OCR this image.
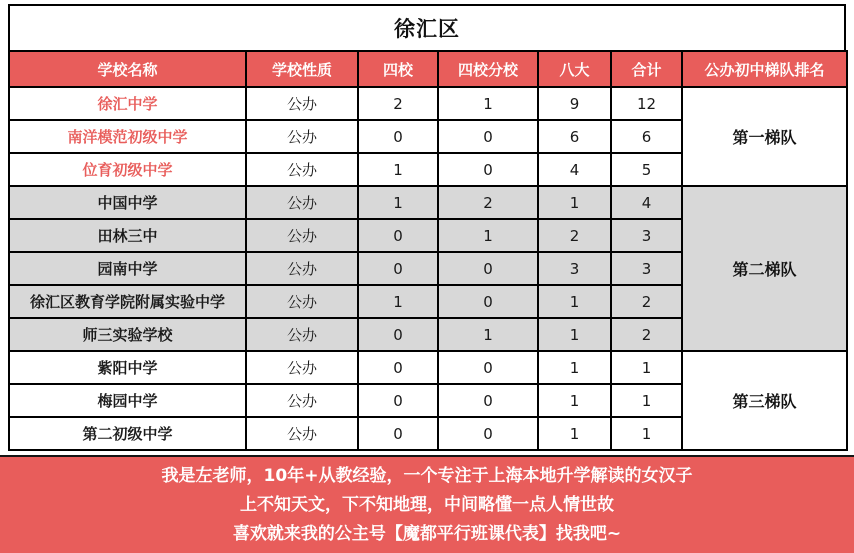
徐汇区
学校名称	学校性质	四校	四校分校	八大	合计	公办初中梯队排名
徐汇中学	公办	2	1	9	12	第一梯队
南洋模范初级中学	公办	0	0	6	6	
位育初级中学	公办	1	0	4	5	
中国中学	公办	1	2	1	4	第二梯队
田林三中	公办	0	1	2	3	
园南中学	公办	0	0	3	3	
徐汇区教育学院附属实验中学	公办	1	0	1	2	
师三实验学校	公办	0	1	1	2	
紫阳中学	公办	0	0	1	1	第三梯队
梅园中学	公办	0	0	1	1	
第二初级中学	公办	0	0	1	1	
我是左老师，10年+从教经验，一个专注于上海本地升学解读的女汉子
上不知天文，下不知地理，中间略懂一点人情世故
喜欢就来我的公主号【魔都平行班课代表】找我吧~
